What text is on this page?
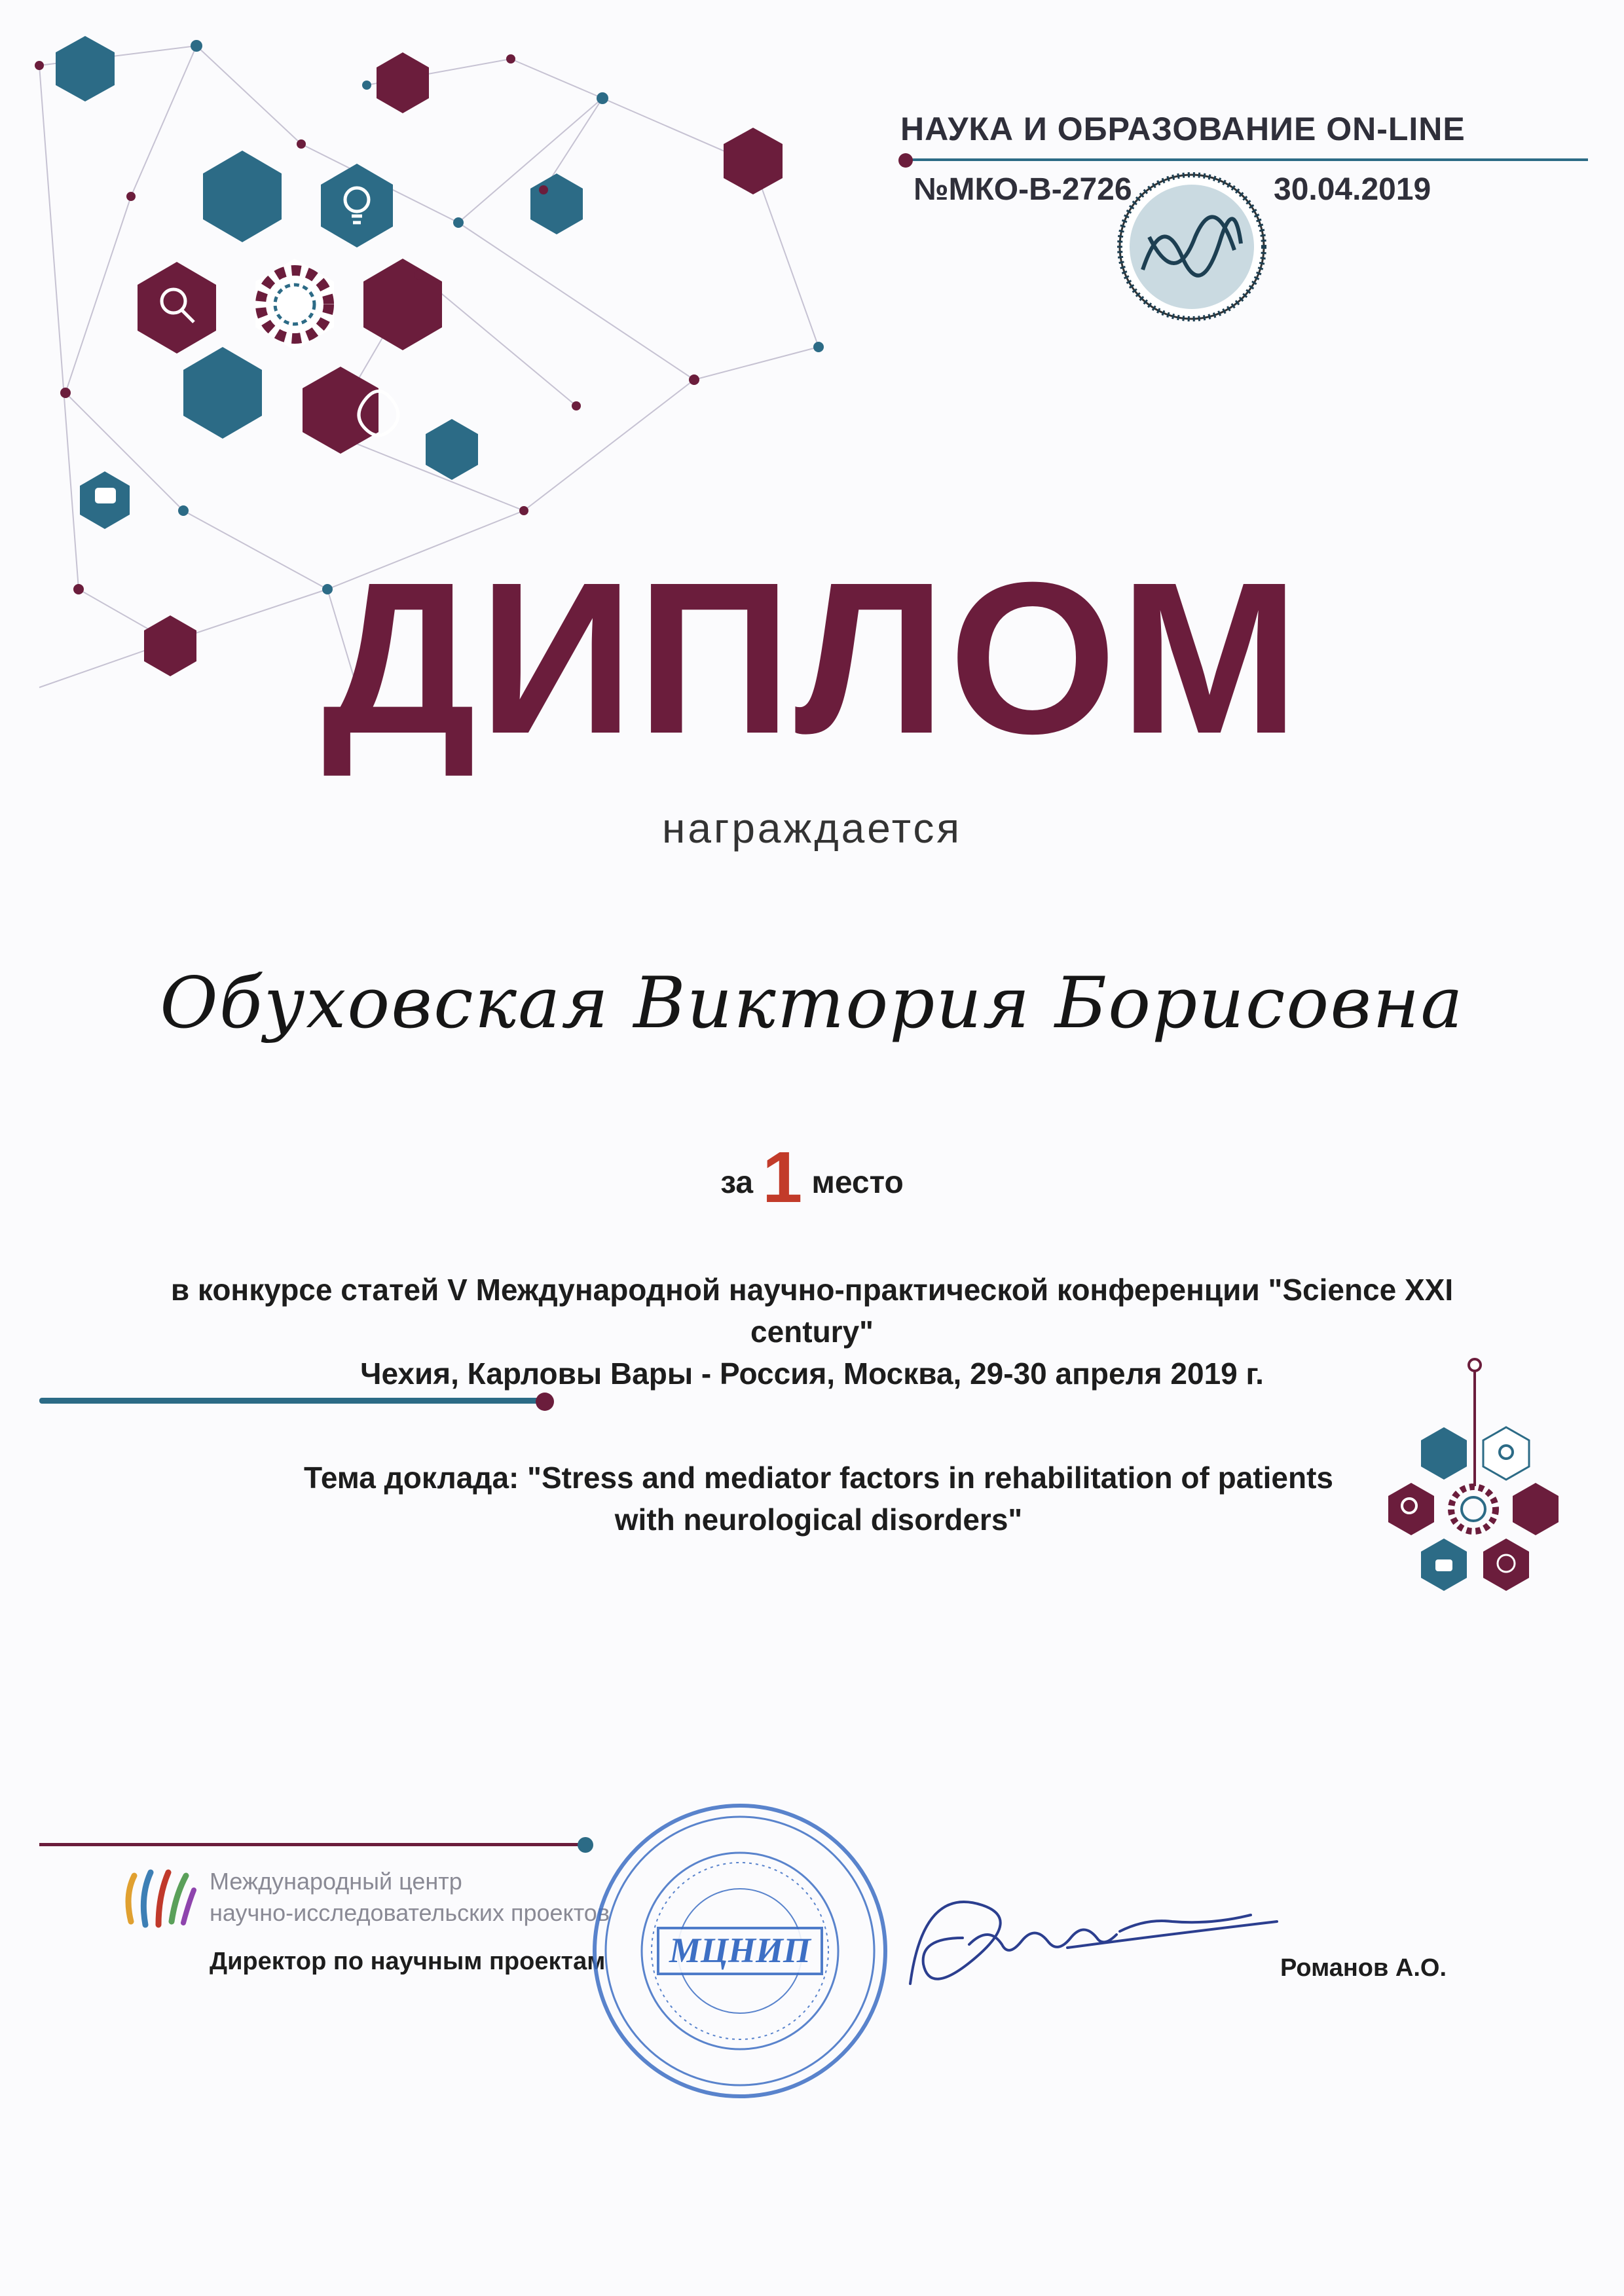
НАУКА И ОБРАЗОВАНИЕ ON-LINE
№МКО-В-2726	30.04.2019
ДИПЛОМ
награждается
Обуховская Виктория Борисовна
за 1 место
в конкурсе статей V Международной научно-практической конференции "Science XXI century"
Чехия, Карловы Вары - Россия, Москва, 29-30 апреля 2019 г.
Тема доклада: "Stress and mediator factors in rehabilitation of patients with neurological disorders"
Международный центр
научно-исследовательских проектов
Директор по научным проектам	Романов А.О.
МЦНИП
